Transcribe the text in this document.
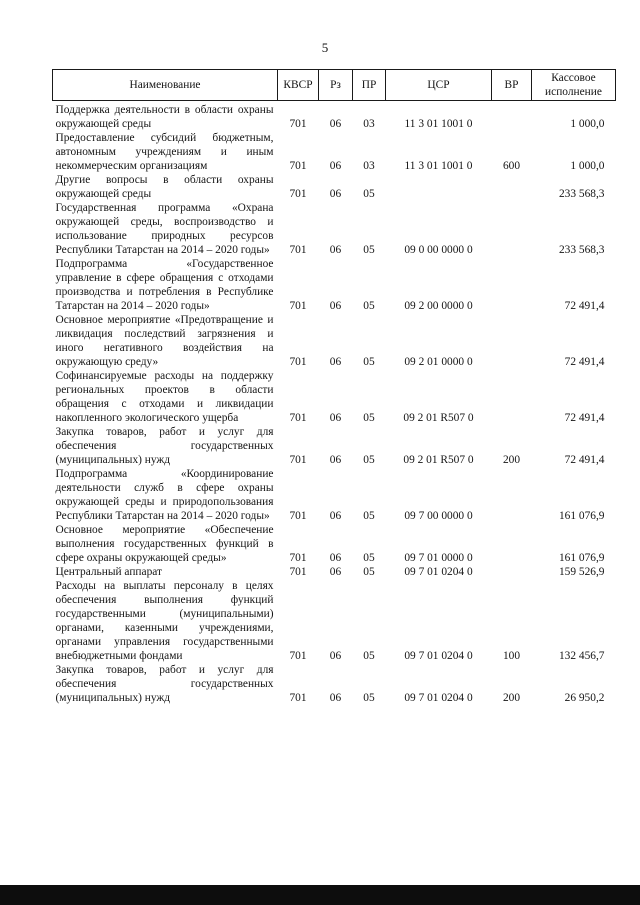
5
Наименование	КВСР	Рз	ПР	ЦСР	ВР	Кассовое исполнение
Поддержка деятельности в области охраны окружающей среды	701	06	03	11 3 01 1001 0		1 000,0
Предоставление субсидий бюджетным, автономным учреждениям и иным некоммерческим организациям	701	06	03	11 3 01 1001 0	600	1 000,0
Другие вопросы в области охраны окружающей среды	701	06	05			233 568,3
Государственная программа «Охрана окружающей среды, воспроизводство и использование природных ресурсов Республики Татарстан на 2014 – 2020 годы»	701	06	05	09 0 00 0000 0		233 568,3
Подпрограмма «Государственное управление в сфере обращения с отходами производства и потребления в Республике Татарстан на 2014 – 2020 годы»	701	06	05	09 2 00 0000 0		72 491,4
Основное мероприятие «Предотвращение и ликвидация последствий загрязнения и иного негативного воздействия на окружающую среду»	701	06	05	09 2 01 0000 0		72 491,4
Софинансируемые расходы на поддержку региональных проектов в области обращения с отходами и ликвидации накопленного экологического ущерба	701	06	05	09 2 01 R507 0		72 491,4
Закупка товаров, работ и услуг для обеспечения государственных (муниципальных) нужд	701	06	05	09 2 01 R507 0	200	72 491,4
Подпрограмма «Координирование деятельности служб в сфере охраны окружающей среды и природопользования Республики Татарстан на 2014 – 2020 годы»	701	06	05	09 7 00 0000 0		161 076,9
Основное мероприятие «Обеспечение выполнения государственных функций в сфере охраны окружающей среды»	701	06	05	09 7 01 0000 0		161 076,9
Центральный аппарат	701	06	05	09 7 01 0204 0		159 526,9
Расходы на выплаты персоналу в целях обеспечения выполнения функций государственными (муниципальными) органами, казенными учреждениями, органами управления государственными внебюджетными фондами	701	06	05	09 7 01 0204 0	100	132 456,7
Закупка товаров, работ и услуг для обеспечения государственных (муниципальных) нужд	701	06	05	09 7 01 0204 0	200	26 950,2
